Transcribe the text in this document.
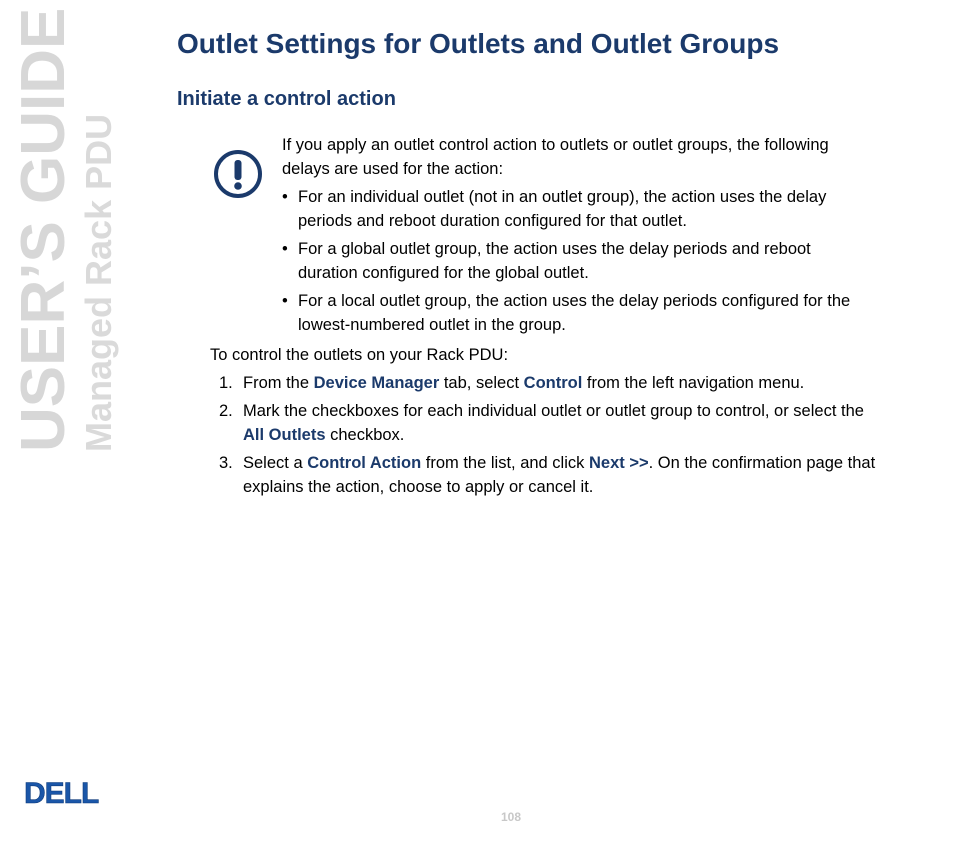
USER’S GUIDE Managed Rack PDU
DELL
Outlet Settings for Outlets and Outlet Groups
Initiate a control action

If you apply an outlet control action to outlets or outlet groups, the following delays are used for the action:

• For an individual outlet (not in an outlet group), the action uses the delay periods and reboot duration configured for that outlet.
• For a global outlet group, the action uses the delay periods and reboot duration configured for the global outlet.
• For a local outlet group, the action uses the delay periods configured for the lowest-numbered outlet in the group.

To control the outlets on your Rack PDU:

1. From the Device Manager tab, select Control from the left navigation menu.
2. Mark the checkboxes for each individual outlet or outlet group to control, or select the All Outlets checkbox.
3. Select a Control Action from the list, and click Next >>. On the confirmation page that explains the action, choose to apply or cancel it.
108
